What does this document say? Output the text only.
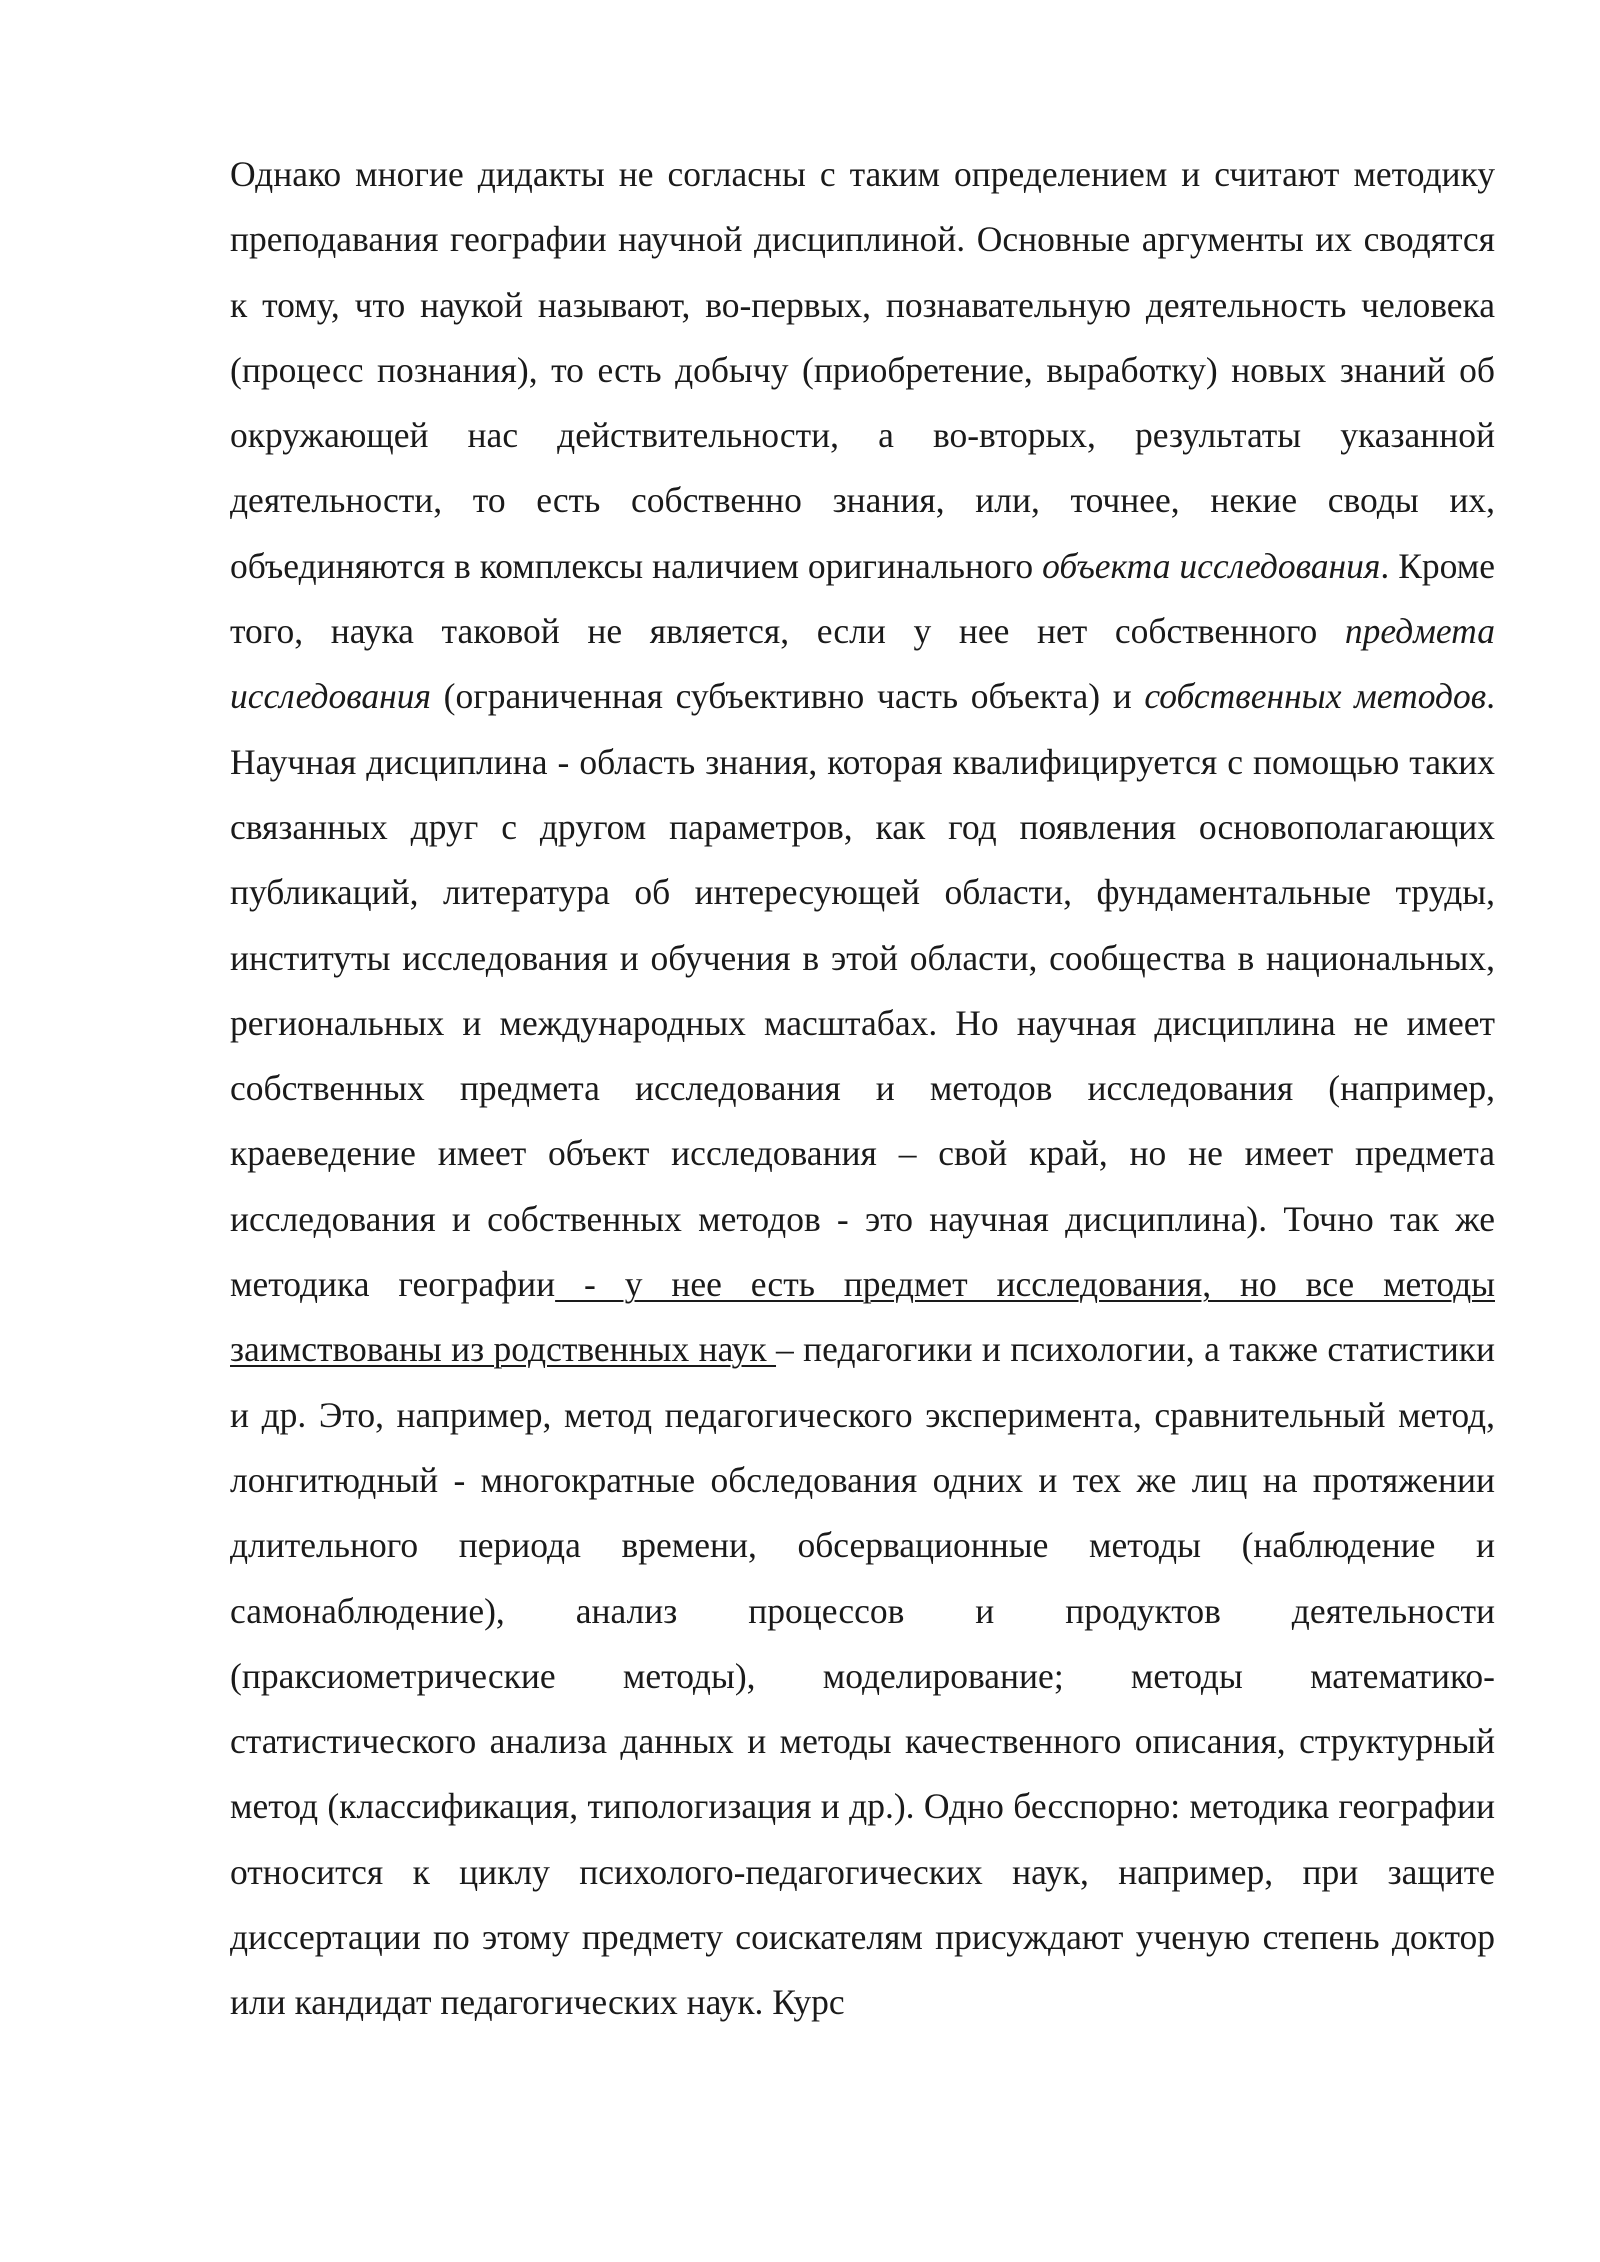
Однако многие дидакты не согласны с таким определением и считают методику преподавания географии научной дисциплиной. Основные аргументы их сводятся к тому, что наукой называют, во-первых, познавательную деятельность человека (процесс познания), то есть добычу (приобретение, выработку) новых знаний об окружающей нас действительности, а во-вторых, результаты указанной деятельности, то есть собственно знания, или, точнее, некие своды их, объединяются в комплексы наличием оригинального объекта исследования. Кроме того, наука таковой не является, если у нее нет собственного предмета исследования (ограниченная субъективно часть объекта) и собственных методов. Научная дисциплина - область знания, которая квалифицируется с помощью таких связанных друг с другом параметров, как год появления основополагающих публикаций, литература об интересующей области, фундаментальные труды, институты исследования и обучения в этой области, сообщества в национальных, региональных и международных масштабах. Но научная дисциплина не имеет собственных предмета исследования и методов исследования (например, краеведение имеет объект исследования – свой край, но не имеет предмета исследования и собственных методов - это научная дисциплина). Точно так же методика географии - у нее есть предмет исследования, но все методы заимствованы из родственных наук – педагогики и психологии, а также статистики и др. Это, например, метод педагогического эксперимента, сравнительный метод, лонгитюдный - многократные обследования одних и тех же лиц на протяжении длительного периода времени, обсервационные методы (наблюдение и самонаблюдение), анализ процессов и продуктов деятельности (праксиометрические методы), моделирование; методы математико-статистического анализа данных и методы качественного описания, структурный метод (классификация, типологизация и др.). Одно бесспорно: методика географии относится к циклу психолого-педагогических наук, например, при защите диссертации по этому предмету соискателям присуждают ученую степень доктор или кандидат педагогических наук. Курс
